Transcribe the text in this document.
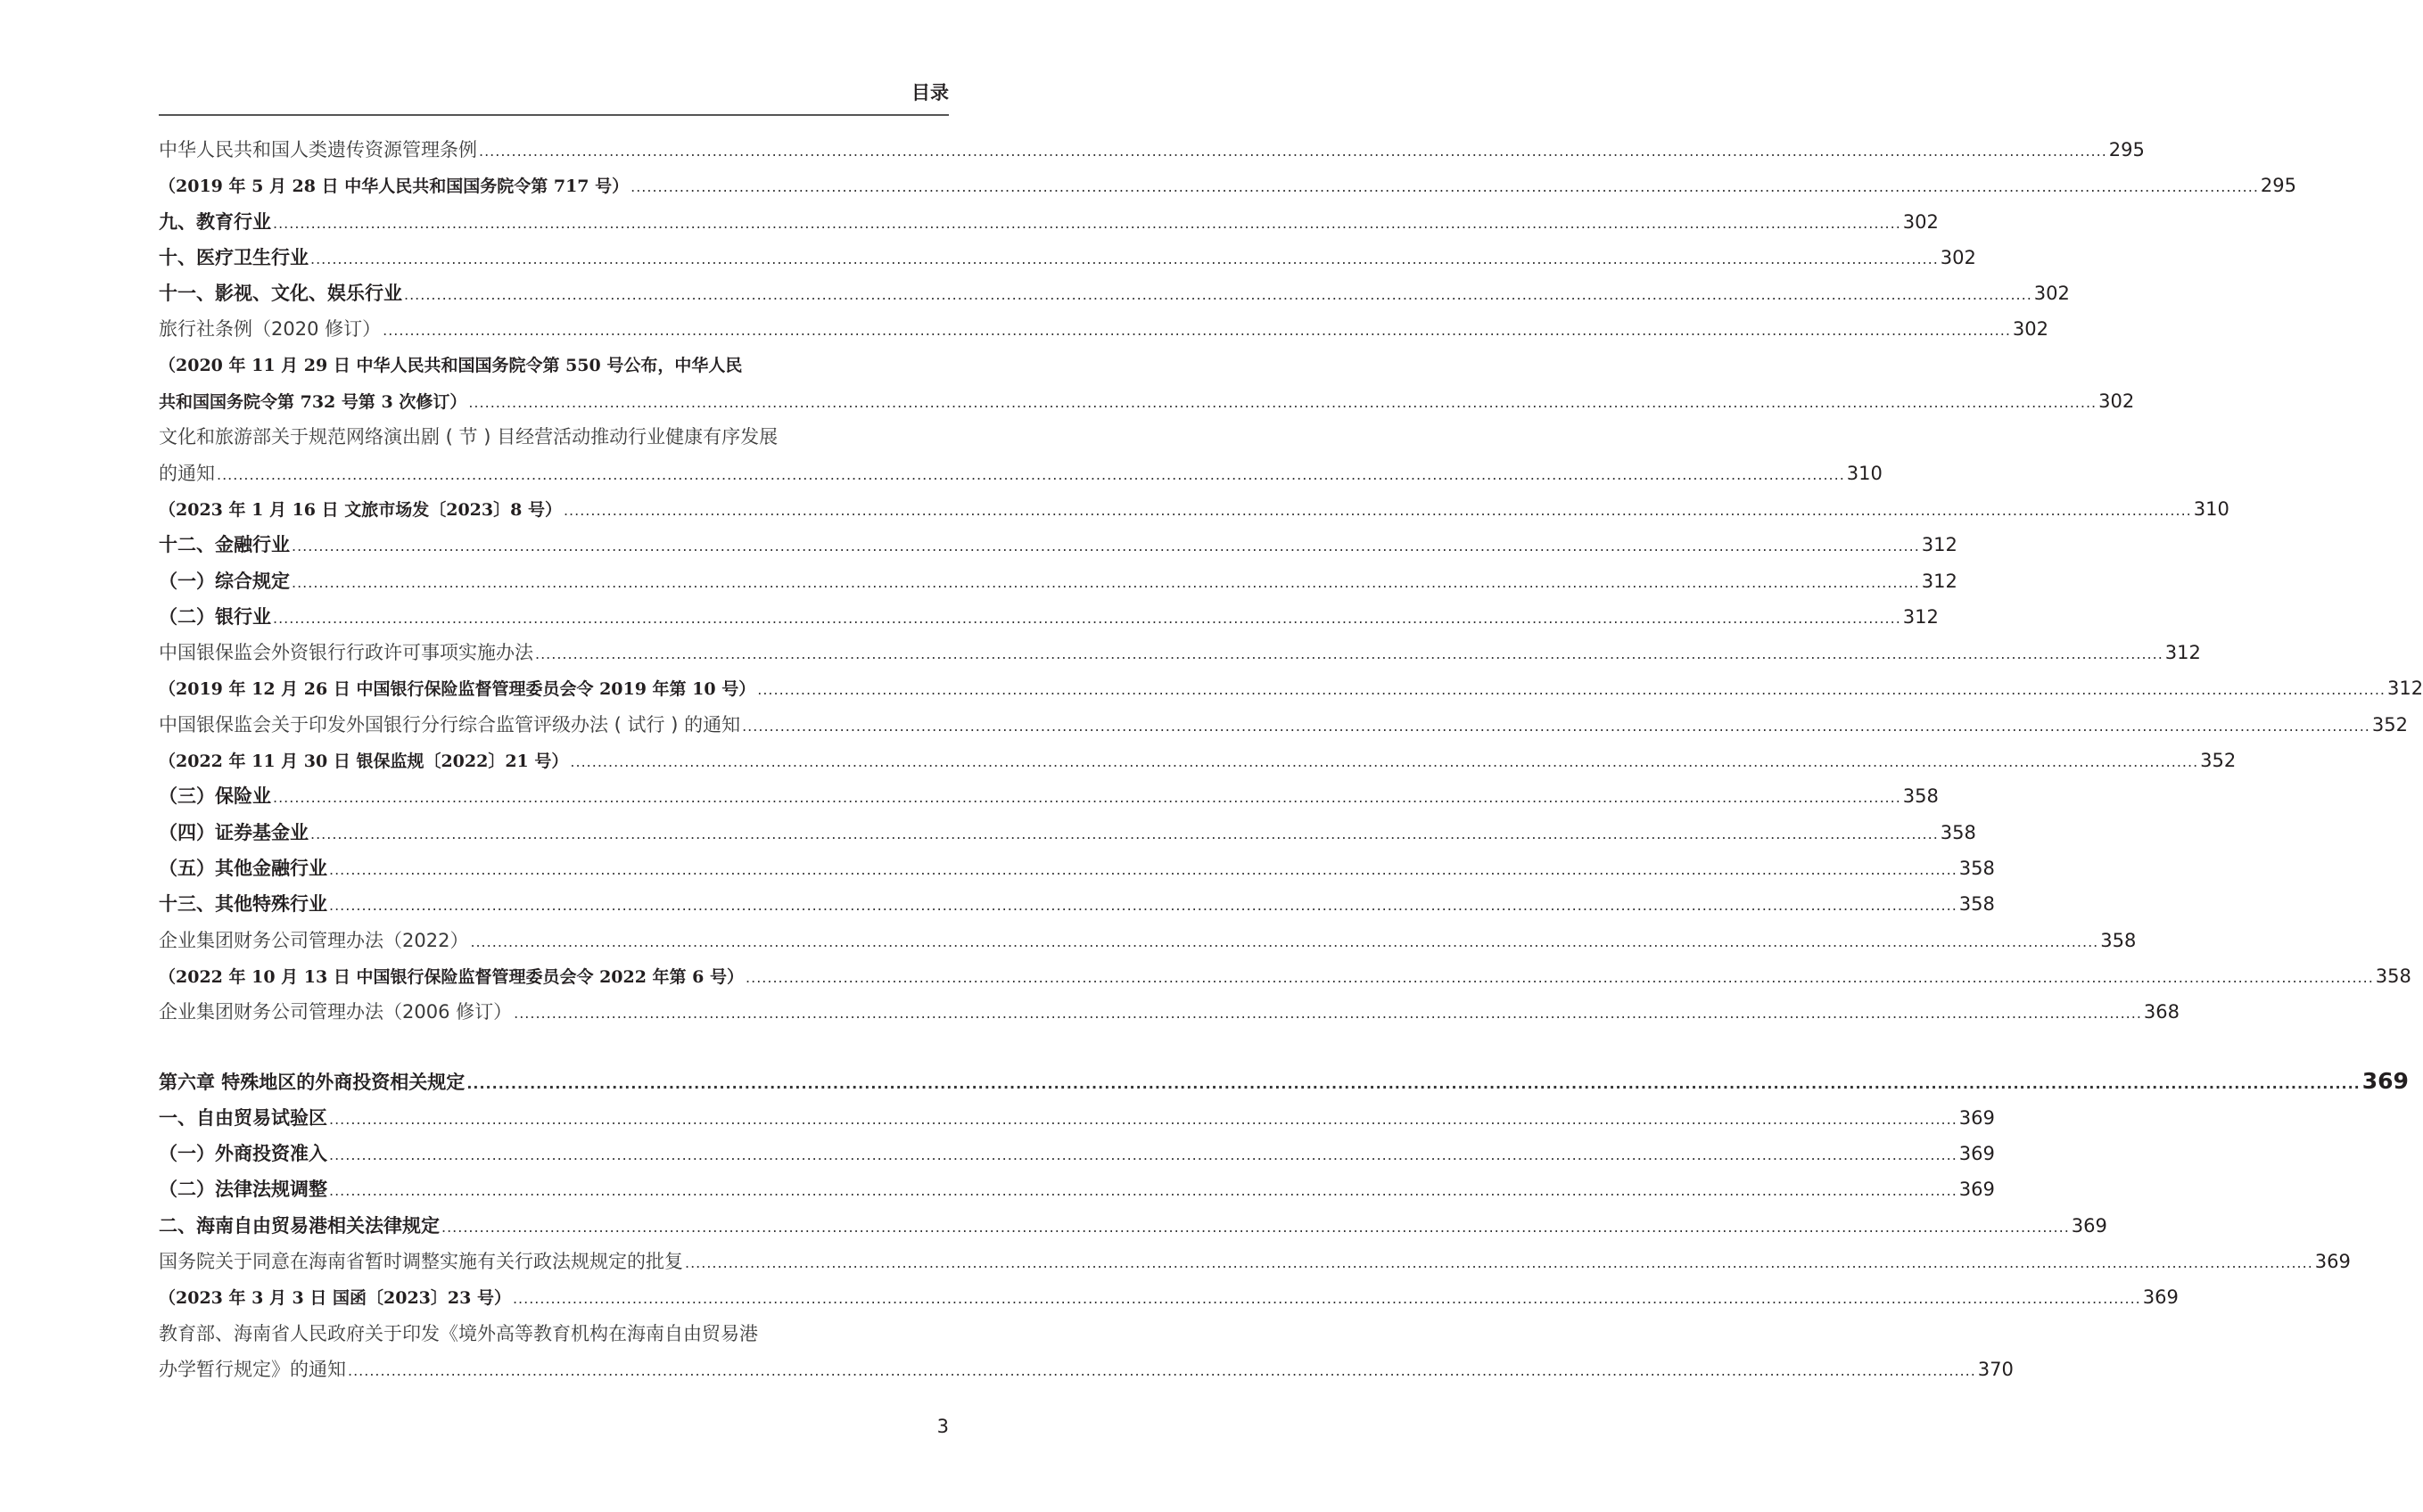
目录
中华人民共和国人类遗传资源管理条例 ............................................................................................................................................................................................................................................................................................................ 295
（2019 年 5 月 28 日 中华人民共和国国务院令第 717 号） ............................................................................................................................................................................................................................................................................................................ 295
九、教育行业 ............................................................................................................................................................................................................................................................................................................ 302
十、医疗卫生行业 ............................................................................................................................................................................................................................................................................................................ 302
十一、影视、文化、娱乐行业 ............................................................................................................................................................................................................................................................................................................ 302
旅行社条例（2020 修订） ............................................................................................................................................................................................................................................................................................................ 302
（2020 年 11 月 29 日 中华人民共和国国务院令第 550 号公布，中华人民
共和国国务院令第 732 号第 3 次修订） ............................................................................................................................................................................................................................................................................................................ 302
文化和旅游部关于规范网络演出剧 ( 节 ) 目经营活动推动行业健康有序发展
的通知 ............................................................................................................................................................................................................................................................................................................ 310
（2023 年 1 月 16 日 文旅市场发〔2023〕8 号） ............................................................................................................................................................................................................................................................................................................ 310
十二、金融行业 ............................................................................................................................................................................................................................................................................................................ 312
（一）综合规定 ............................................................................................................................................................................................................................................................................................................ 312
（二）银行业 ............................................................................................................................................................................................................................................................................................................ 312
中国银保监会外资银行行政许可事项实施办法 ............................................................................................................................................................................................................................................................................................................ 312
（2019 年 12 月 26 日 中国银行保险监督管理委员会令 2019 年第 10 号） ............................................................................................................................................................................................................................................................................................................ 312
中国银保监会关于印发外国银行分行综合监管评级办法 ( 试行 ) 的通知 ............................................................................................................................................................................................................................................................................................................ 352
（2022 年 11 月 30 日 银保监规〔2022〕21 号） ............................................................................................................................................................................................................................................................................................................ 352
（三）保险业 ............................................................................................................................................................................................................................................................................................................ 358
（四）证券基金业 ............................................................................................................................................................................................................................................................................................................ 358
（五）其他金融行业 ............................................................................................................................................................................................................................................................................................................ 358
十三、其他特殊行业 ............................................................................................................................................................................................................................................................................................................ 358
企业集团财务公司管理办法（2022） ............................................................................................................................................................................................................................................................................................................ 358
（2022 年 10 月 13 日 中国银行保险监督管理委员会令 2022 年第 6 号） ............................................................................................................................................................................................................................................................................................................ 358
企业集团财务公司管理办法（2006 修订） ............................................................................................................................................................................................................................................................................................................ 368
第六章 特殊地区的外商投资相关规定 ............................................................................................................................................................................................................................................................................................................ 369
一、自由贸易试验区 ............................................................................................................................................................................................................................................................................................................ 369
（一）外商投资准入 ............................................................................................................................................................................................................................................................................................................ 369
（二）法律法规调整 ............................................................................................................................................................................................................................................................................................................ 369
二、海南自由贸易港相关法律规定 ............................................................................................................................................................................................................................................................................................................ 369
国务院关于同意在海南省暂时调整实施有关行政法规规定的批复 ............................................................................................................................................................................................................................................................................................................ 369
（2023 年 3 月 3 日 国函〔2023〕23 号） ............................................................................................................................................................................................................................................................................................................ 369
教育部、海南省人民政府关于印发《境外高等教育机构在海南自由贸易港
办学暂行规定》的通知 ............................................................................................................................................................................................................................................................................................................ 370
3
